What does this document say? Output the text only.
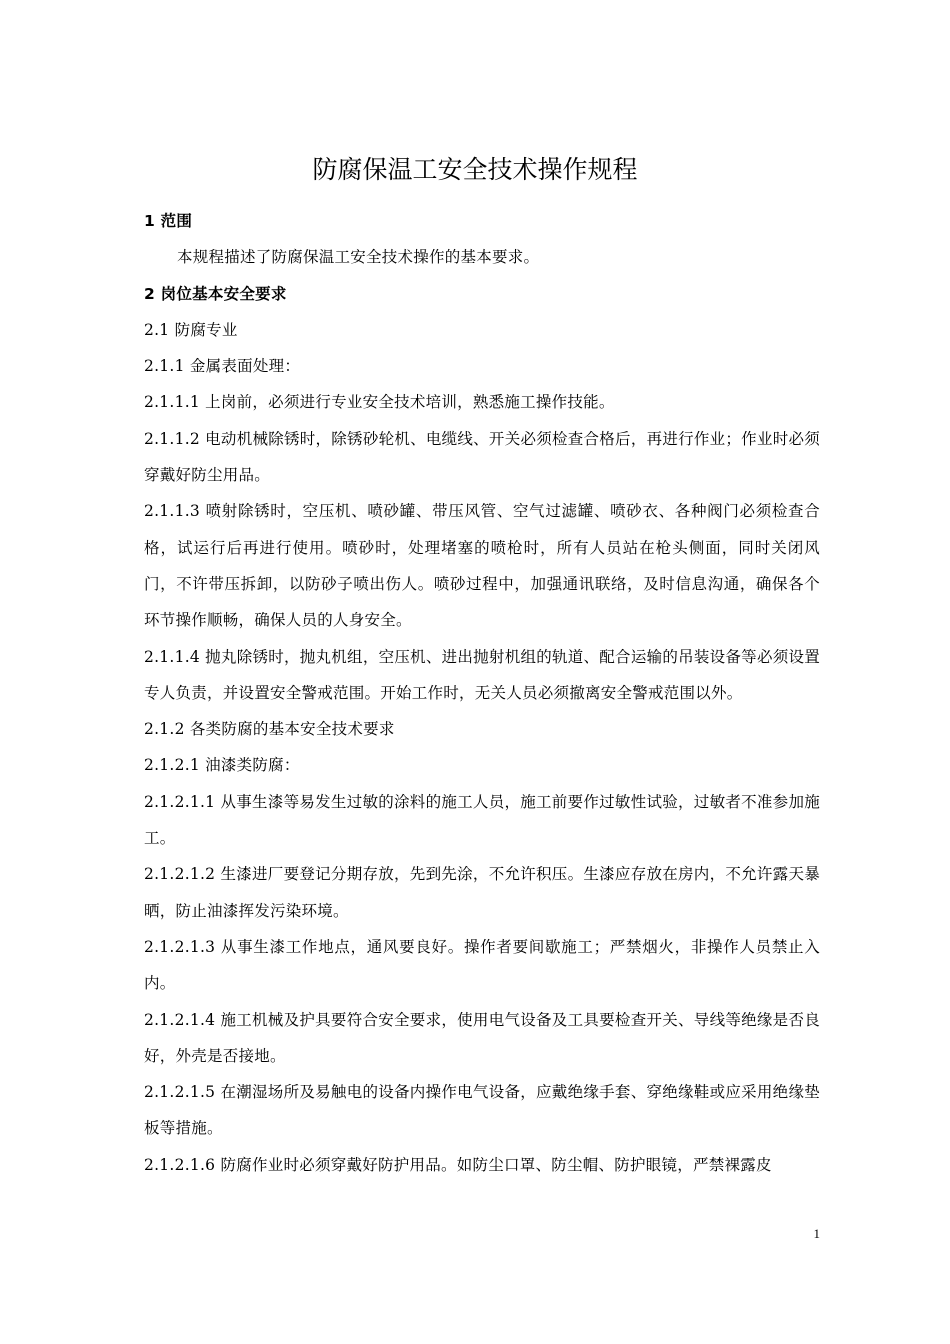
防腐保温工安全技术操作规程

1 范围

本规程描述了防腐保温工安全技术操作的基本要求。

2 岗位基本安全要求

2.1 防腐专业

2.1.1 金属表面处理：

2.1.1.1 上岗前，必须进行专业安全技术培训，熟悉施工操作技能。

2.1.1.2 电动机械除锈时，除锈砂轮机、电缆线、开关必须检查合格后，再进行作业；作业时必须穿戴好防尘用品。

2.1.1.3 喷射除锈时，空压机、喷砂罐、带压风管、空气过滤罐、喷砂衣、各种阀门必须检查合格，试运行后再进行使用。喷砂时，处理堵塞的喷枪时，所有人员站在枪头侧面，同时关闭风门，不许带压拆卸，以防砂子喷出伤人。喷砂过程中，加强通讯联络，及时信息沟通，确保各个环节操作顺畅，确保人员的人身安全。

2.1.1.4 抛丸除锈时，抛丸机组，空压机、进出抛射机组的轨道、配合运输的吊装设备等必须设置专人负责，并设置安全警戒范围。开始工作时，无关人员必须撤离安全警戒范围以外。

2.1.2 各类防腐的基本安全技术要求

2.1.2.1 油漆类防腐：

2.1.2.1.1 从事生漆等易发生过敏的涂料的施工人员，施工前要作过敏性试验，过敏者不准参加施工。

2.1.2.1.2 生漆进厂要登记分期存放，先到先涂，不允许积压。生漆应存放在房内，不允许露天暴晒，防止油漆挥发污染环境。

2.1.2.1.3 从事生漆工作地点，通风要良好。操作者要间歇施工；严禁烟火，非操作人员禁止入内。

2.1.2.1.4 施工机械及护具要符合安全要求，使用电气设备及工具要检查开关、导线等绝缘是否良好，外壳是否接地。

2.1.2.1.5 在潮湿场所及易触电的设备内操作电气设备，应戴绝缘手套、穿绝缘鞋或应采用绝缘垫板等措施。

2.1.2.1.6 防腐作业时必须穿戴好防护用品。如防尘口罩、防尘帽、防护眼镜，严禁裸露皮

1
